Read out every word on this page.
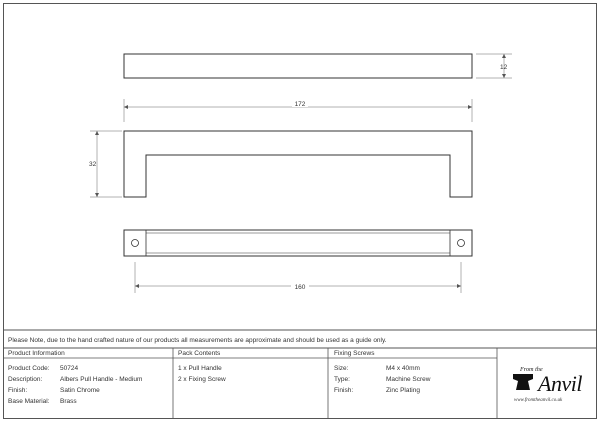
172
12
32
160
Please Note, due to the hand crafted nature of our products all measurements are approximate and should be used as a guide only.
Product Information
Product Code: 50724
Description:	Albers Pull Handle - Medium
Finish:	Satin Chrome
Base Material: Brass
Pack Contents
1 x Pull Handle
2 x Fixing Screw
Fixing Screws
Size:	M4 x 40mm
Type:	Machine Screw
Finish:	Zinc Plating
From the
Anvil
www.fromtheanvil.co.uk
